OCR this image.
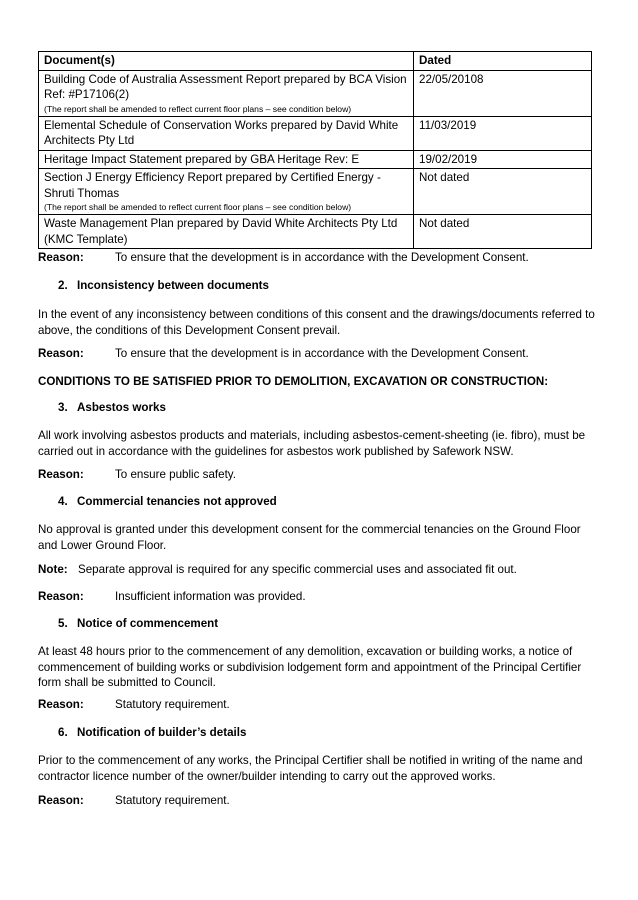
Document(s)	Dated
Building Code of Australia Assessment Report prepared by BCA Vision Ref: #P17106(2)
(The report shall be amended to reflect current floor plans – see condition below)	22/05/20108
Elemental Schedule of Conservation Works prepared by David White Architects Pty Ltd	11/03/2019
Heritage Impact Statement prepared by GBA Heritage Rev: E	19/02/2019
Section J Energy Efficiency Report prepared by Certified Energy - Shruti Thomas
(The report shall be amended to reflect current floor plans – see condition below)	Not dated
Waste Management Plan prepared by David White Architects Pty Ltd (KMC Template)	Not dated
Reason:	To ensure that the development is in accordance with the Development Consent.
2. Inconsistency between documents
In the event of any inconsistency between conditions of this consent and the drawings/documents referred to above, the conditions of this Development Consent prevail.
Reason:	To ensure that the development is in accordance with the Development Consent.
CONDITIONS TO BE SATISFIED PRIOR TO DEMOLITION, EXCAVATION OR CONSTRUCTION:
3. Asbestos works
All work involving asbestos products and materials, including asbestos-cement-sheeting (ie. fibro), must be carried out in accordance with the guidelines for asbestos work published by Safework NSW.
Reason:	To ensure public safety.
4. Commercial tenancies not approved
No approval is granted under this development consent for the commercial tenancies on the Ground Floor and Lower Ground Floor.
Note: Separate approval is required for any specific commercial uses and associated fit out.
Reason:	Insufficient information was provided.
5. Notice of commencement
At least 48 hours prior to the commencement of any demolition, excavation or building works, a notice of commencement of building works or subdivision lodgement form and appointment of the Principal Certifier form shall be submitted to Council.
Reason:	Statutory requirement.
6. Notification of builder’s details
Prior to the commencement of any works, the Principal Certifier shall be notified in writing of the name and contractor licence number of the owner/builder intending to carry out the approved works.
Reason:	Statutory requirement.
